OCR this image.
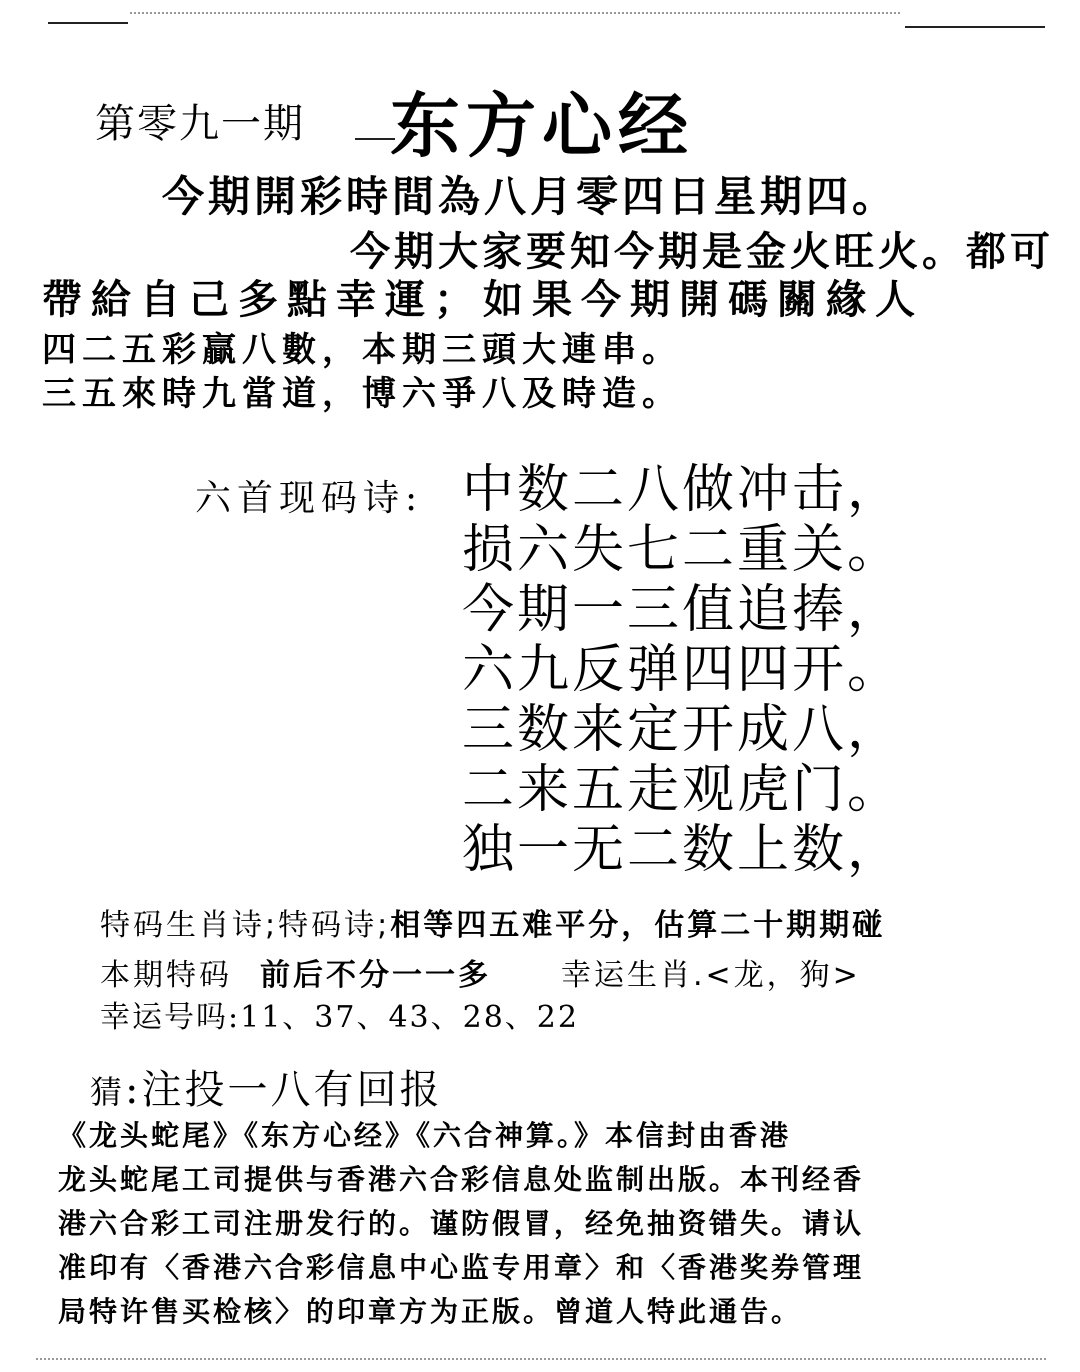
第零九一期 东方心经
今期開彩時間為八月零四日星期四。
今期大家要知今期是金火旺火。都可
帶給自己多點幸運；如果今期開碼關緣人
四二五彩贏八數，本期三頭大連串。
三五來時九當道，博六爭八及時造。
六首现码诗: 中数二八做冲击，
损六失七二重关。
今期一三值追捧，
六九反弹四四开。
三数来定开成八，
二来五走观虎门。
独一无二数上数，
特码生肖诗;特码诗;相等四五难平分，估算二十期期碰
本期特码 前后不分一一多 幸运生肖.<龙，狗>
幸运号吗:11、37、43、28、22
猜:注投一八有回报
《龙头蛇尾》《东方心经》《六合神算。》本信封由香港
龙头蛇尾工司提供与香港六合彩信息处监制出版。本刊经香
港六合彩工司注册发行的。谨防假冒，经免抽资错失。请认
准印有〈香港六合彩信息中心监专用章〉和〈香港奖券管理
局特许售买检核〉的印章方为正版。曾道人特此通告。
